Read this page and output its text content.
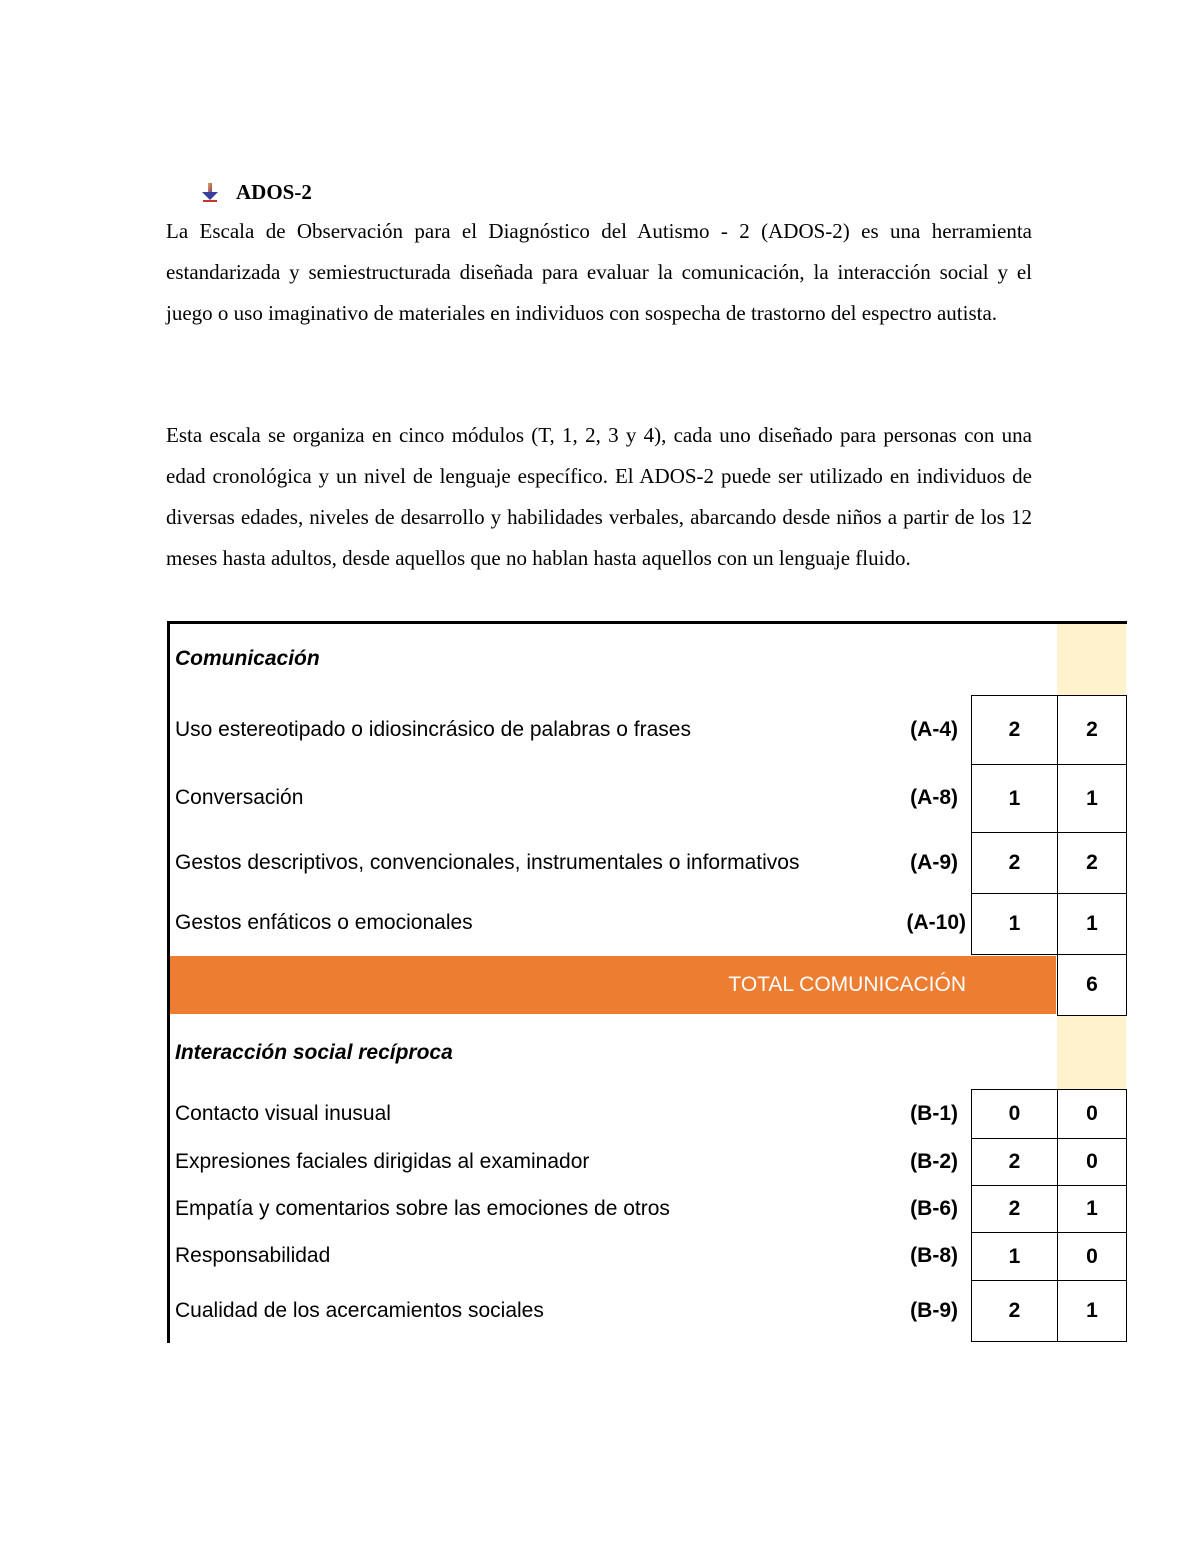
ADOS-2

La Escala de Observación para el Diagnóstico del Autismo - 2 (ADOS-2) es una herramienta estandarizada y semiestructurada diseñada para evaluar la comunicación, la interacción social y el juego o uso imaginativo de materiales en individuos con sospecha de trastorno del espectro autista.

Esta escala se organiza en cinco módulos (T, 1, 2, 3 y 4), cada uno diseñado para personas con una edad cronológica y un nivel de lenguaje específico. El ADOS-2 puede ser utilizado en individuos de diversas edades, niveles de desarrollo y habilidades verbales, abarcando desde niños a partir de los 12 meses hasta adultos, desde aquellos que no hablan hasta aquellos con un lenguaje fluido.

Comunicación
Uso estereotipado o idiosincrásico de palabras o frases	(A-4)	2	2
Conversación	(A-8)	1	1
Gestos descriptivos, convencionales, instrumentales o informativos	(A-9)	2	2
Gestos enfáticos o emocionales	(A-10)	1	1
TOTAL COMUNICACIÓN	6
Interacción social recíproca
Contacto visual inusual	(B-1)	0	0
Expresiones faciales dirigidas al examinador	(B-2)	2	0
Empatía y comentarios sobre las emociones de otros	(B-6)	2	1
Responsabilidad	(B-8)	1	0
Cualidad de los acercamientos sociales	(B-9)	2	1
